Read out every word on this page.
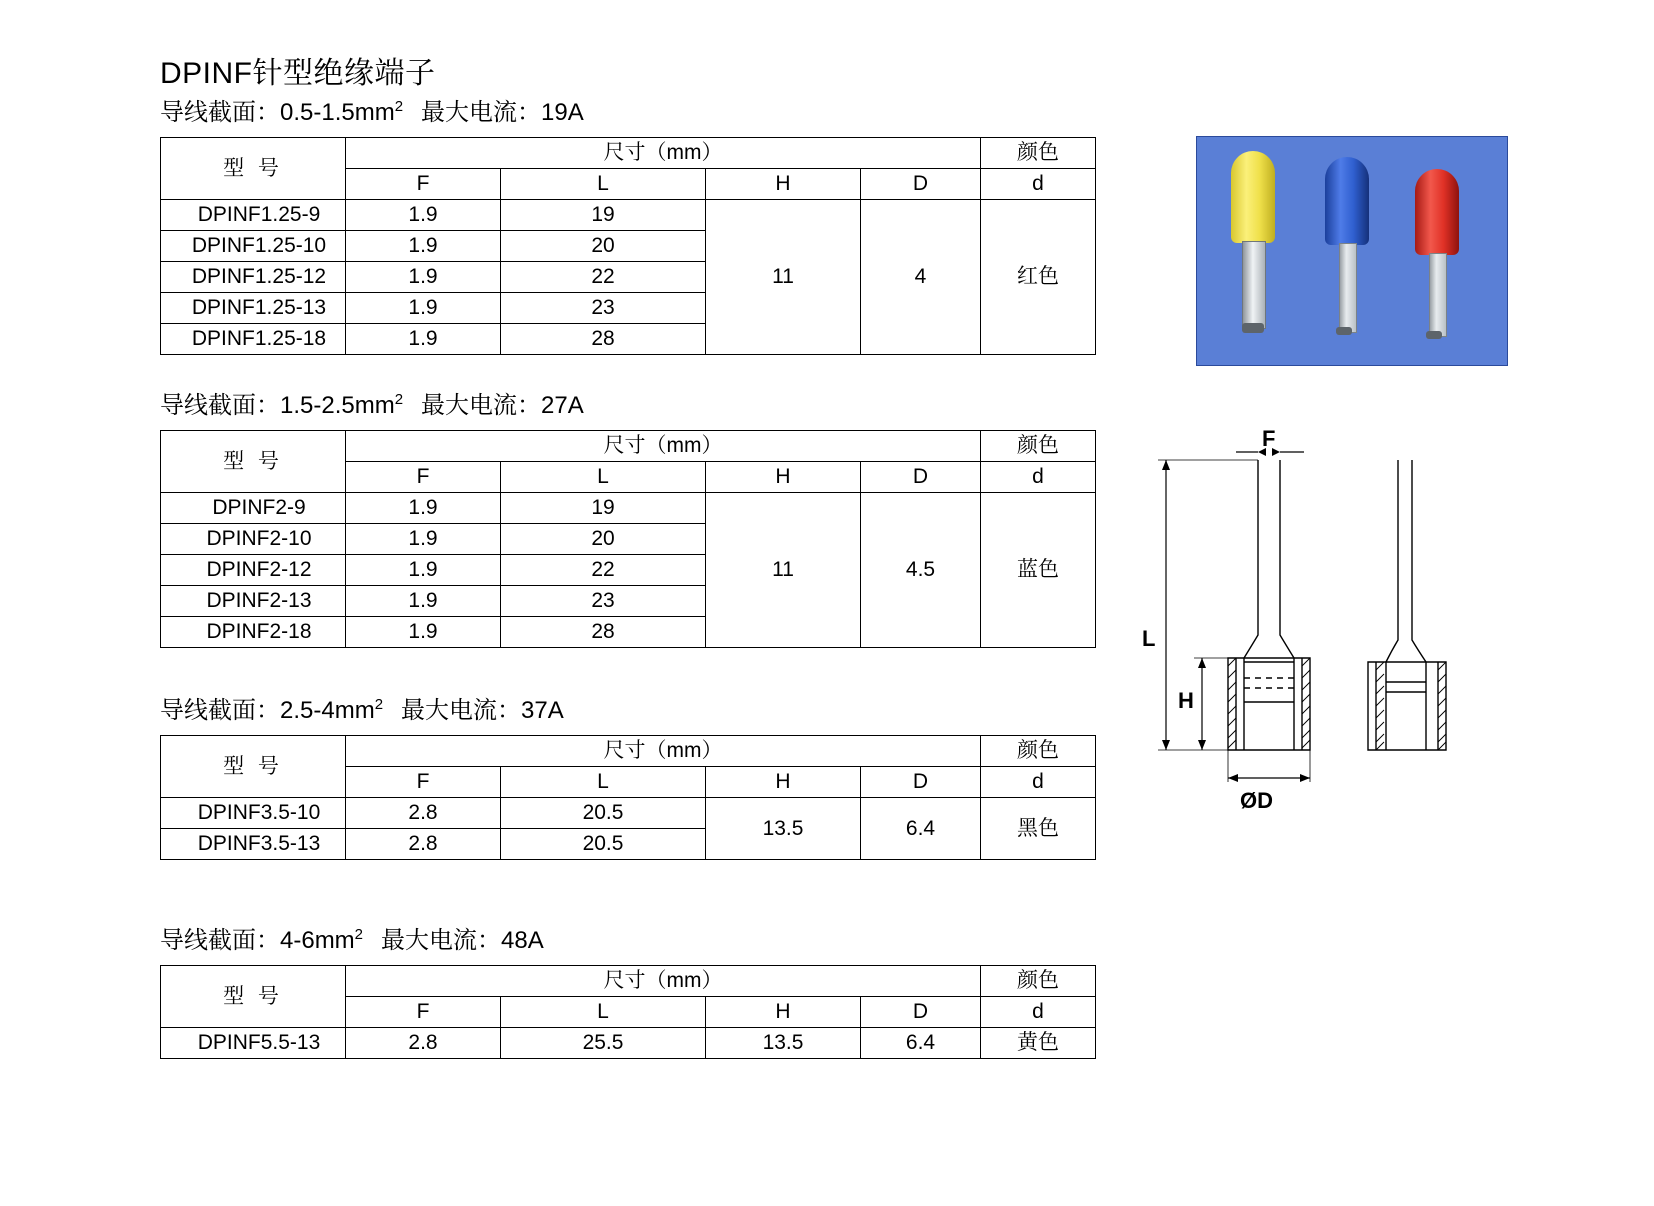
DPINF针型绝缘端子
导线截面：$0.5-1.5mm^2$ 最大电流：19A
型 号	尺寸（mm）				颜色
	F	L	H	D	d
DPINF1.25-9	1.9	19	11	4	红色
DPINF1.25-10	1.9	20			
DPINF1.25-12	1.9	22			
DPINF1.25-13	1.9	23			
DPINF1.25-18	1.9	28			
导线截面：$1.5-2.5mm^2$ 最大电流：27A
型 号	尺寸（mm）				颜色
	F	L	H	D	d
DPINF2-9	1.9	19	11	4.5	蓝色
DPINF2-10	1.9	20			
DPINF2-12	1.9	22			
DPINF2-13	1.9	23			
DPINF2-18	1.9	28			
导线截面：$2.5-4mm^2$ 最大电流：37A
型 号	尺寸（mm）				颜色
	F	L	H	D	d
DPINF3.5-10	2.8	20.5	13.5	6.4	黑色
DPINF3.5-13	2.8	20.5			
导线截面：$4-6mm^2$ 最大电流：48A
型 号	尺寸（mm）				颜色
	F	L	H	D	d
DPINF5.5-13	2.8	25.5	13.5	6.4	黄色
F
L
H
ØD
